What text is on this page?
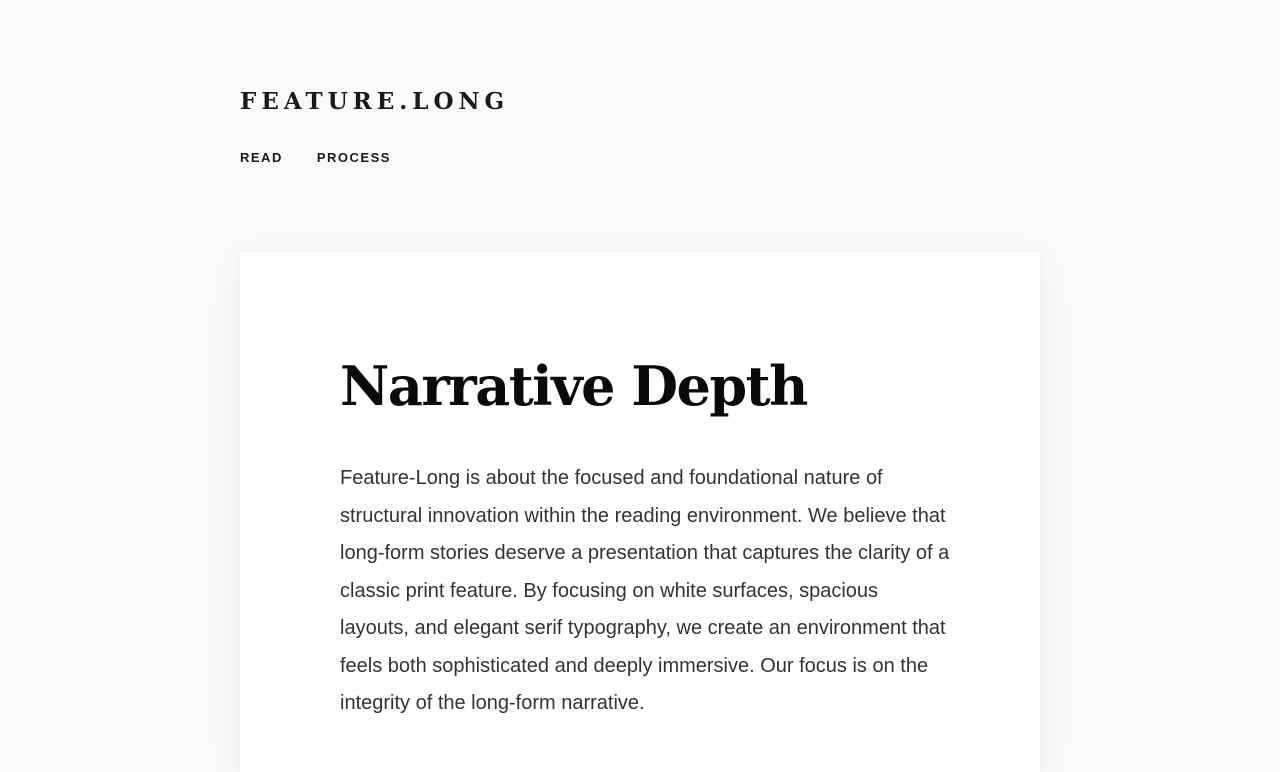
FEATURE.LONG
READ	PROCESS
Narrative Depth

Feature-Long is about the focused and foundational nature of structural innovation within the reading environment. We believe that long-form stories deserve a presentation that captures the clarity of a classic print feature. By focusing on white surfaces, spacious layouts, and elegant serif typography, we create an environment that feels both sophisticated and deeply immersive. Our focus is on the integrity of the long-form narrative.
